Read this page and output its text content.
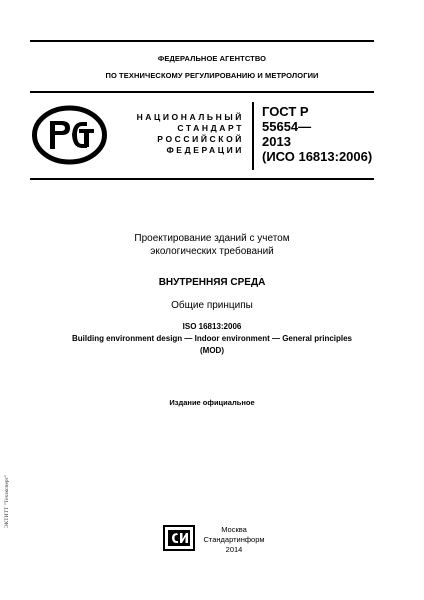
ФЕДЕРАЛЬНОЕ АГЕНТСТВО
ПО ТЕХНИЧЕСКОМУ РЕГУЛИРОВАНИЮ И МЕТРОЛОГИИ
НАЦИОНАЛЬНЫЙ
СТАНДАРТ
РОССИЙСКОЙ
ФЕДЕРАЦИИ
ГОСТ Р
55654—
2013
(ИСО 16813:2006)
Проектирование зданий с учетом
экологических требований
ВНУТРЕННЯЯ СРЕДА
Общие принципы
ISO 16813:2006
Building environment design — Indoor environment — General principles
(MOD)
Издание официальное
Москва
Стандартинформ
2014
ЭКТИТТ "Техэксперт"
